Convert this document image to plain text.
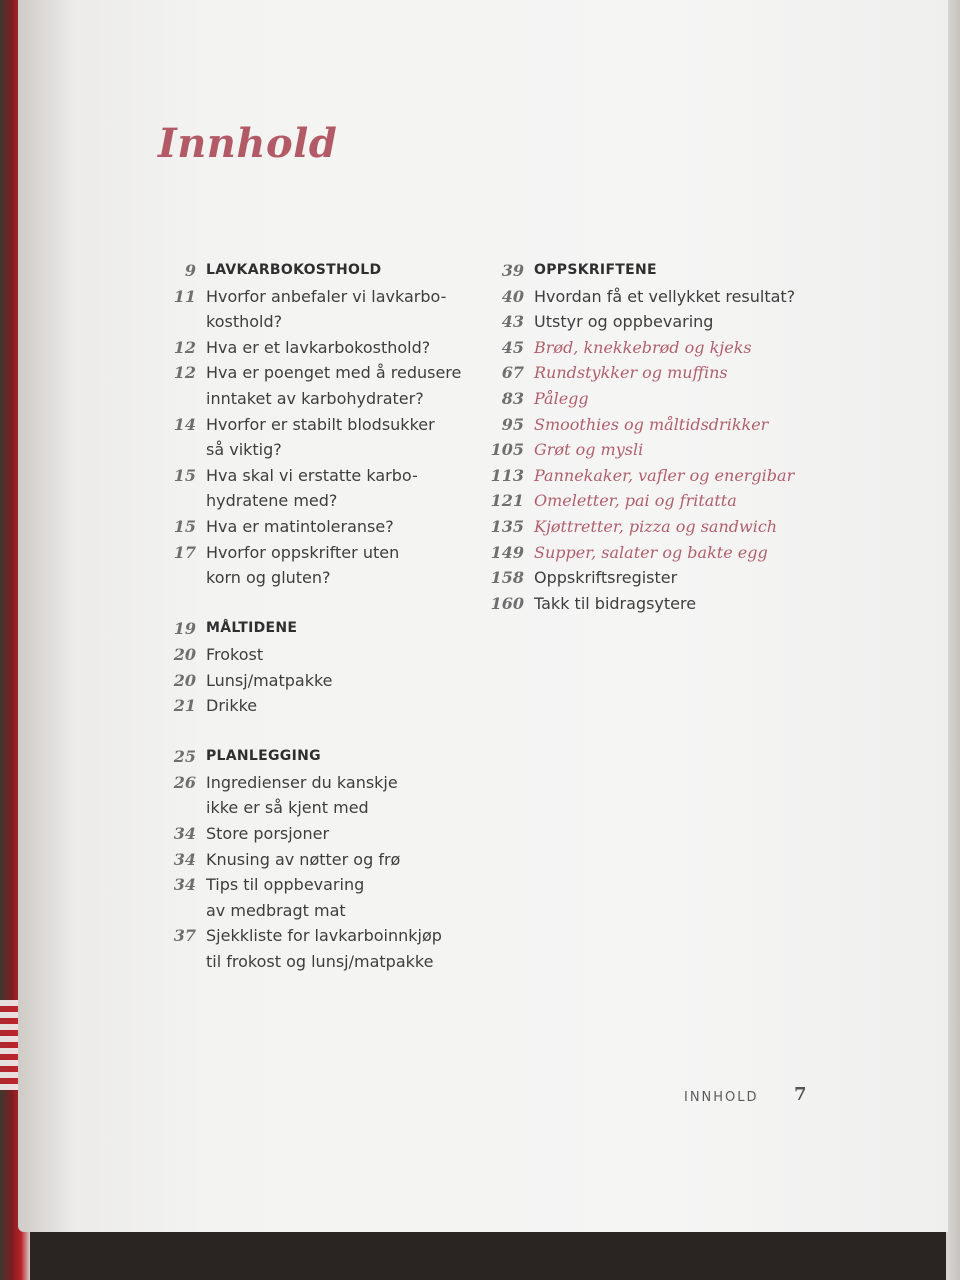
Innhold
9 LAVKARBOKOSTHOLD
11 Hvorfor anbefaler vi lavkarbo-
kosthold?
12 Hva er et lavkarbokosthold?
12 Hva er poenget med å redusere
inntaket av karbohydrater?
14 Hvorfor er stabilt blodsukker
så viktig?
15 Hva skal vi erstatte karbo-
hydratene med?
15 Hva er matintoleranse?
17 Hvorfor oppskrifter uten
korn og gluten?
19 MÅLTIDENE
20 Frokost
20 Lunsj/matpakke
21 Drikke
25 PLANLEGGING
26 Ingredienser du kanskje
ikke er så kjent med
34 Store porsjoner
34 Knusing av nøtter og frø
34 Tips til oppbevaring
av medbragt mat
37 Sjekkliste for lavkarboinnkjøp
til frokost og lunsj/matpakke
39 OPPSKRIFTENE
40 Hvordan få et vellykket resultat?
43 Utstyr og oppbevaring
45 Brød, knekkebrød og kjeks
67 Rundstykker og muffins
83 Pålegg
95 Smoothies og måltidsdrikker
105 Grøt og mysli
113 Pannekaker, vafler og energibar
121 Omeletter, pai og fritatta
135 Kjøttretter, pizza og sandwich
149 Supper, salater og bakte egg
158 Oppskriftsregister
160 Takk til bidragsytere
INNHOLD 7
